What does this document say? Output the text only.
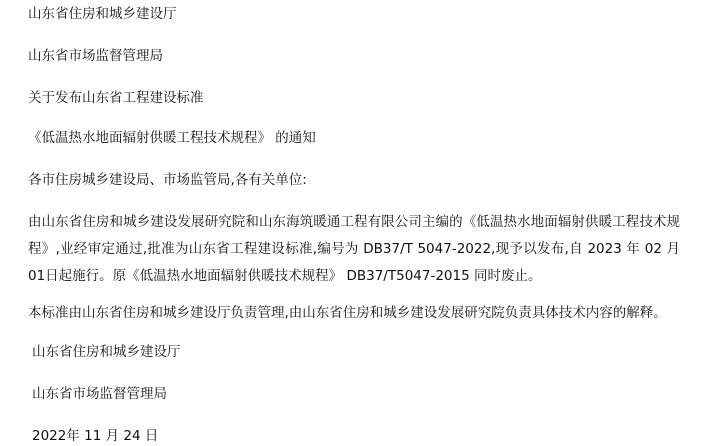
山东省住房和城乡建设厅
山东省市场监督管理局
关于发布山东省工程建设标准
《低温热水地面辐射供暖工程技术规程》 的通知
各市住房城乡建设局、市场监管局,各有关单位:
由山东省住房和城乡建设发展研究院和山东海筑暖通工程有限公司主编的《低温热水地面辐射供暖工程技术规程》,业经审定通过,批准为山东省工程建设标准,编号为 DB37/T 5047-2022,现予以发布,自 2023 年 02 月01日起施行。原《低温热水地面辐射供暖技术规程》 DB37/T5047-2015 同时废止。
本标准由山东省住房和城乡建设厅负责管理,由山东省住房和城乡建设发展研究院负责具体技术内容的解释。
山东省住房和城乡建设厅
山东省市场监督管理局
2022年 11 月 24 日
